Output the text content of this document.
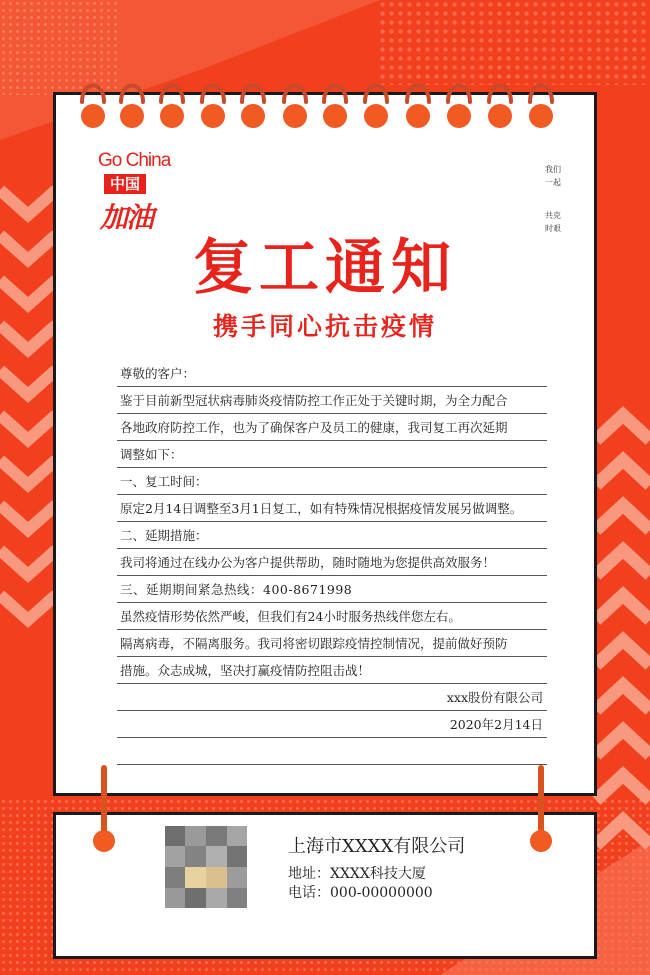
Go China
中国
加油
我们
一起
共克
时艰
复工通知
携手同心抗击疫情
尊敬的客户：
鉴于目前新型冠状病毒肺炎疫情防控工作正处于关键时期，为全力配合
各地政府防控工作，也为了确保客户及员工的健康，我司复工再次延期
调整如下：
一、复工时间：
原定2月14日调整至3月1日复工，如有特殊情况根据疫情发展另做调整。
二、延期措施：
我司将通过在线办公为客户提供帮助，随时随地为您提供高效服务！
三、延期期间紧急热线：400-8671998
虽然疫情形势依然严峻，但我们有24小时服务热线伴您左右。
隔离病毒，不隔离服务。我司将密切跟踪疫情控制情况，提前做好预防
措施。众志成城，坚决打赢疫情防控阻击战！
xxx股份有限公司
2020年2月14日
上海市XXXX有限公司
地址：XXXX科技大厦
电话：000-00000000
